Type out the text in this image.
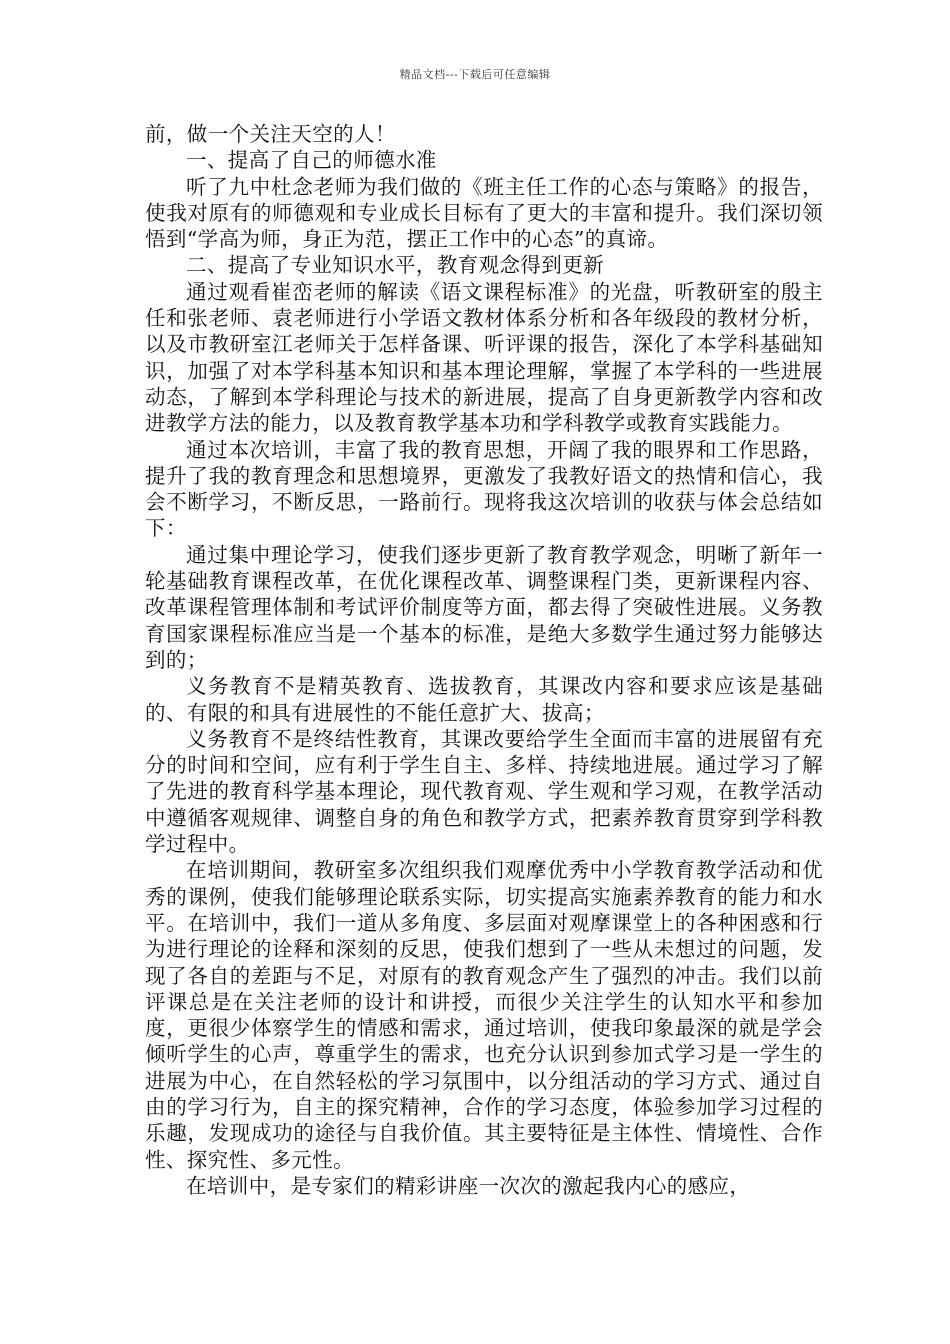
精品文档---下载后可任意编辑

前，做一个关注天空的人！

一、提高了自己的师德水准

听了九中杜念老师为我们做的《班主任工作的心态与策略》的报告，使我对原有的师德观和专业成长目标有了更大的丰富和提升。我们深切领悟到“学高为师，身正为范，摆正工作中的心态”的真谛。

二、提高了专业知识水平，教育观念得到更新

通过观看崔峦老师的解读《语文课程标准》的光盘，听教研室的殷主任和张老师、袁老师进行小学语文教材体系分析和各年级段的教材分析，以及市教研室江老师关于怎样备课、听评课的报告，深化了本学科基础知识，加强了对本学科基本知识和基本理论理解，掌握了本学科的一些进展动态，了解到本学科理论与技术的新进展，提高了自身更新教学内容和改进教学方法的能力，以及教育教学基本功和学科教学或教育实践能力。

通过本次培训，丰富了我的教育思想，开阔了我的眼界和工作思路，提升了我的教育理念和思想境界，更激发了我教好语文的热情和信心，我会不断学习，不断反思，一路前行。现将我这次培训的收获与体会总结如下：

通过集中理论学习，使我们逐步更新了教育教学观念，明晰了新年一轮基础教育课程改革，在优化课程改革、调整课程门类，更新课程内容、改革课程管理体制和考试评价制度等方面，都去得了突破性进展。义务教育国家课程标准应当是一个基本的标准，是绝大多数学生通过努力能够达到的；

义务教育不是精英教育、选拔教育，其课改内容和要求应该是基础的、有限的和具有进展性的不能任意扩大、拔高；

义务教育不是终结性教育，其课改要给学生全面而丰富的进展留有充分的时间和空间，应有利于学生自主、多样、持续地进展。通过学习了解了先进的教育科学基本理论，现代教育观、学生观和学习观，在教学活动中遵循客观规律、调整自身的角色和教学方式，把素养教育贯穿到学科教学过程中。

在培训期间，教研室多次组织我们观摩优秀中小学教育教学活动和优秀的课例，使我们能够理论联系实际，切实提高实施素养教育的能力和水平。在培训中，我们一道从多角度、多层面对观摩课堂上的各种困惑和行为进行理论的诠释和深刻的反思，使我们想到了一些从未想过的问题，发现了各自的差距与不足，对原有的教育观念产生了强烈的冲击。我们以前评课总是在关注老师的设计和讲授，而很少关注学生的认知水平和参加度，更很少体察学生的情感和需求，通过培训，使我印象最深的就是学会倾听学生的心声，尊重学生的需求，也充分认识到参加式学习是一学生的进展为中心，在自然轻松的学习氛围中，以分组活动的学习方式、通过自由的学习行为，自主的探究精神，合作的学习态度，体验参加学习过程的乐趣，发现成功的途径与自我价值。其主要特征是主体性、情境性、合作性、探究性、多元性。

在培训中，是专家们的精彩讲座一次次的激起我内心的感应，
